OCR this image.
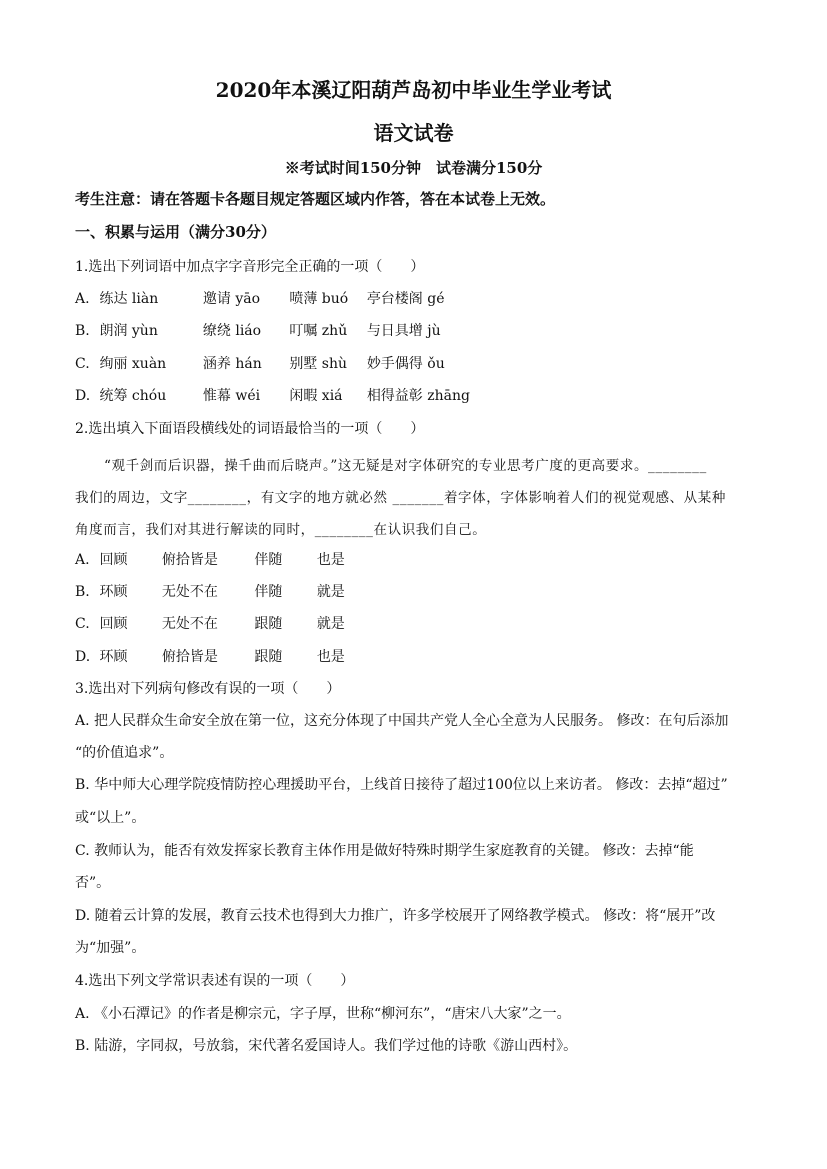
2020年本溪辽阳葫芦岛初中毕业生学业考试
语文试卷
※考试时间150分钟　试卷满分150分
考生注意：请在答题卡各题目规定答题区域内作答，答在本试卷上无效。
一、积累与运用（满分30分）
1.选出下列词语中加点字字音形完全正确的一项（　　）
A. 练达 liàn	邀请 yāo 喷薄 buó 亭台楼阁 gé
B. 朗润 yùn	缭绕 liáo 叮嘱 zhǔ 与日具增 jù
C. 绚丽 xuàn	涵养 hán 别墅 shù 妙手偶得 ǒu
D. 统筹 chóu	惟幕 wéi 闲暇 xiá 相得益彰 zhāng
2.选出填入下面语段横线处的词语最恰当的一项（　　）
“观千剑而后识器，操千曲而后晓声。”这无疑是对字体研究的专业思考广度的更高要求。________
我们的周边，文字________，有文字的地方就必然 _______着字体，字体影响着人们的视觉观感、从某种
角度而言，我们对其进行解读的同时，________在认识我们自己。
A. 回顾 俯拾皆是	伴随 也是
B. 环顾 无处不在	伴随 就是
C. 回顾 无处不在	跟随 就是
D. 环顾 俯拾皆是	跟随 也是
3.选出对下列病句修改有误的一项（　　）
A. 把人民群众生命安全放在第一位，这充分体现了中国共产党人全心全意为人民服务。 修改：在句后添加
“的价值追求”。
B. 华中师大心理学院疫情防控心理援助平台，上线首日接待了超过100位以上来访者。 修改：去掉“超过”
或“以上”。
C. 教师认为，能否有效发挥家长教育主体作用是做好特殊时期学生家庭教育的关键。 修改：去掉“能
否”。
D. 随着云计算的发展，教育云技术也得到大力推广，许多学校展开了网络教学模式。 修改：将“展开”改
为“加强”。
4.选出下列文学常识表述有误的一项（　　）
A. 《小石潭记》的作者是柳宗元，字子厚，世称“柳河东”，“唐宋八大家”之一。
B. 陆游，字同叔，号放翁，宋代著名爱国诗人。我们学过他的诗歌《游山西村》。
